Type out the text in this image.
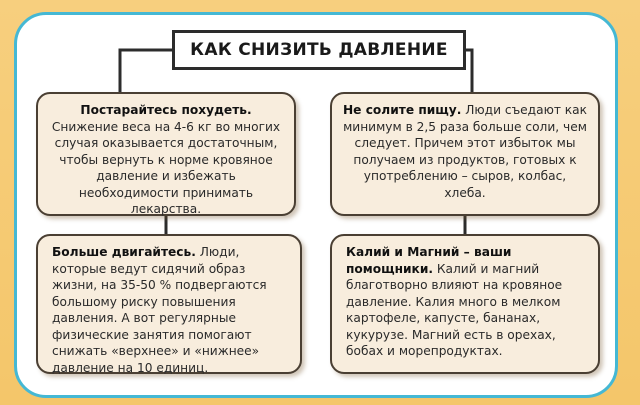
КАК СНИЗИТЬ ДАВЛЕНИЕ
Постарайтесь похудеть. Снижение веса на 4-6 кг во многих случая оказывается достаточным, чтобы вернуть к норме кровяное давление и избежать необходимости принимать лекарства.
Не солите пищу. Люди съедают как минимум в 2,5 раза больше соли, чем следует. Причем этот избыток мы получаем из продуктов, готовых к употреблению – сыров, колбас, хлеба.
Больше двигайтесь. Люди, которые ведут сидячий образ жизни, на 35-50 % подвергаются большому риску повышения давления. А вот регулярные физические занятия помогают снижать «верхнее» и «нижнее» давление на 10 единиц.
Калий и Магний – ваши помощники. Калий и магний благотворно влияют на кровяное давление. Калия много в мелком картофеле, капусте, бананах, кукурузе. Магний есть в орехах, бобах и морепродуктах.
